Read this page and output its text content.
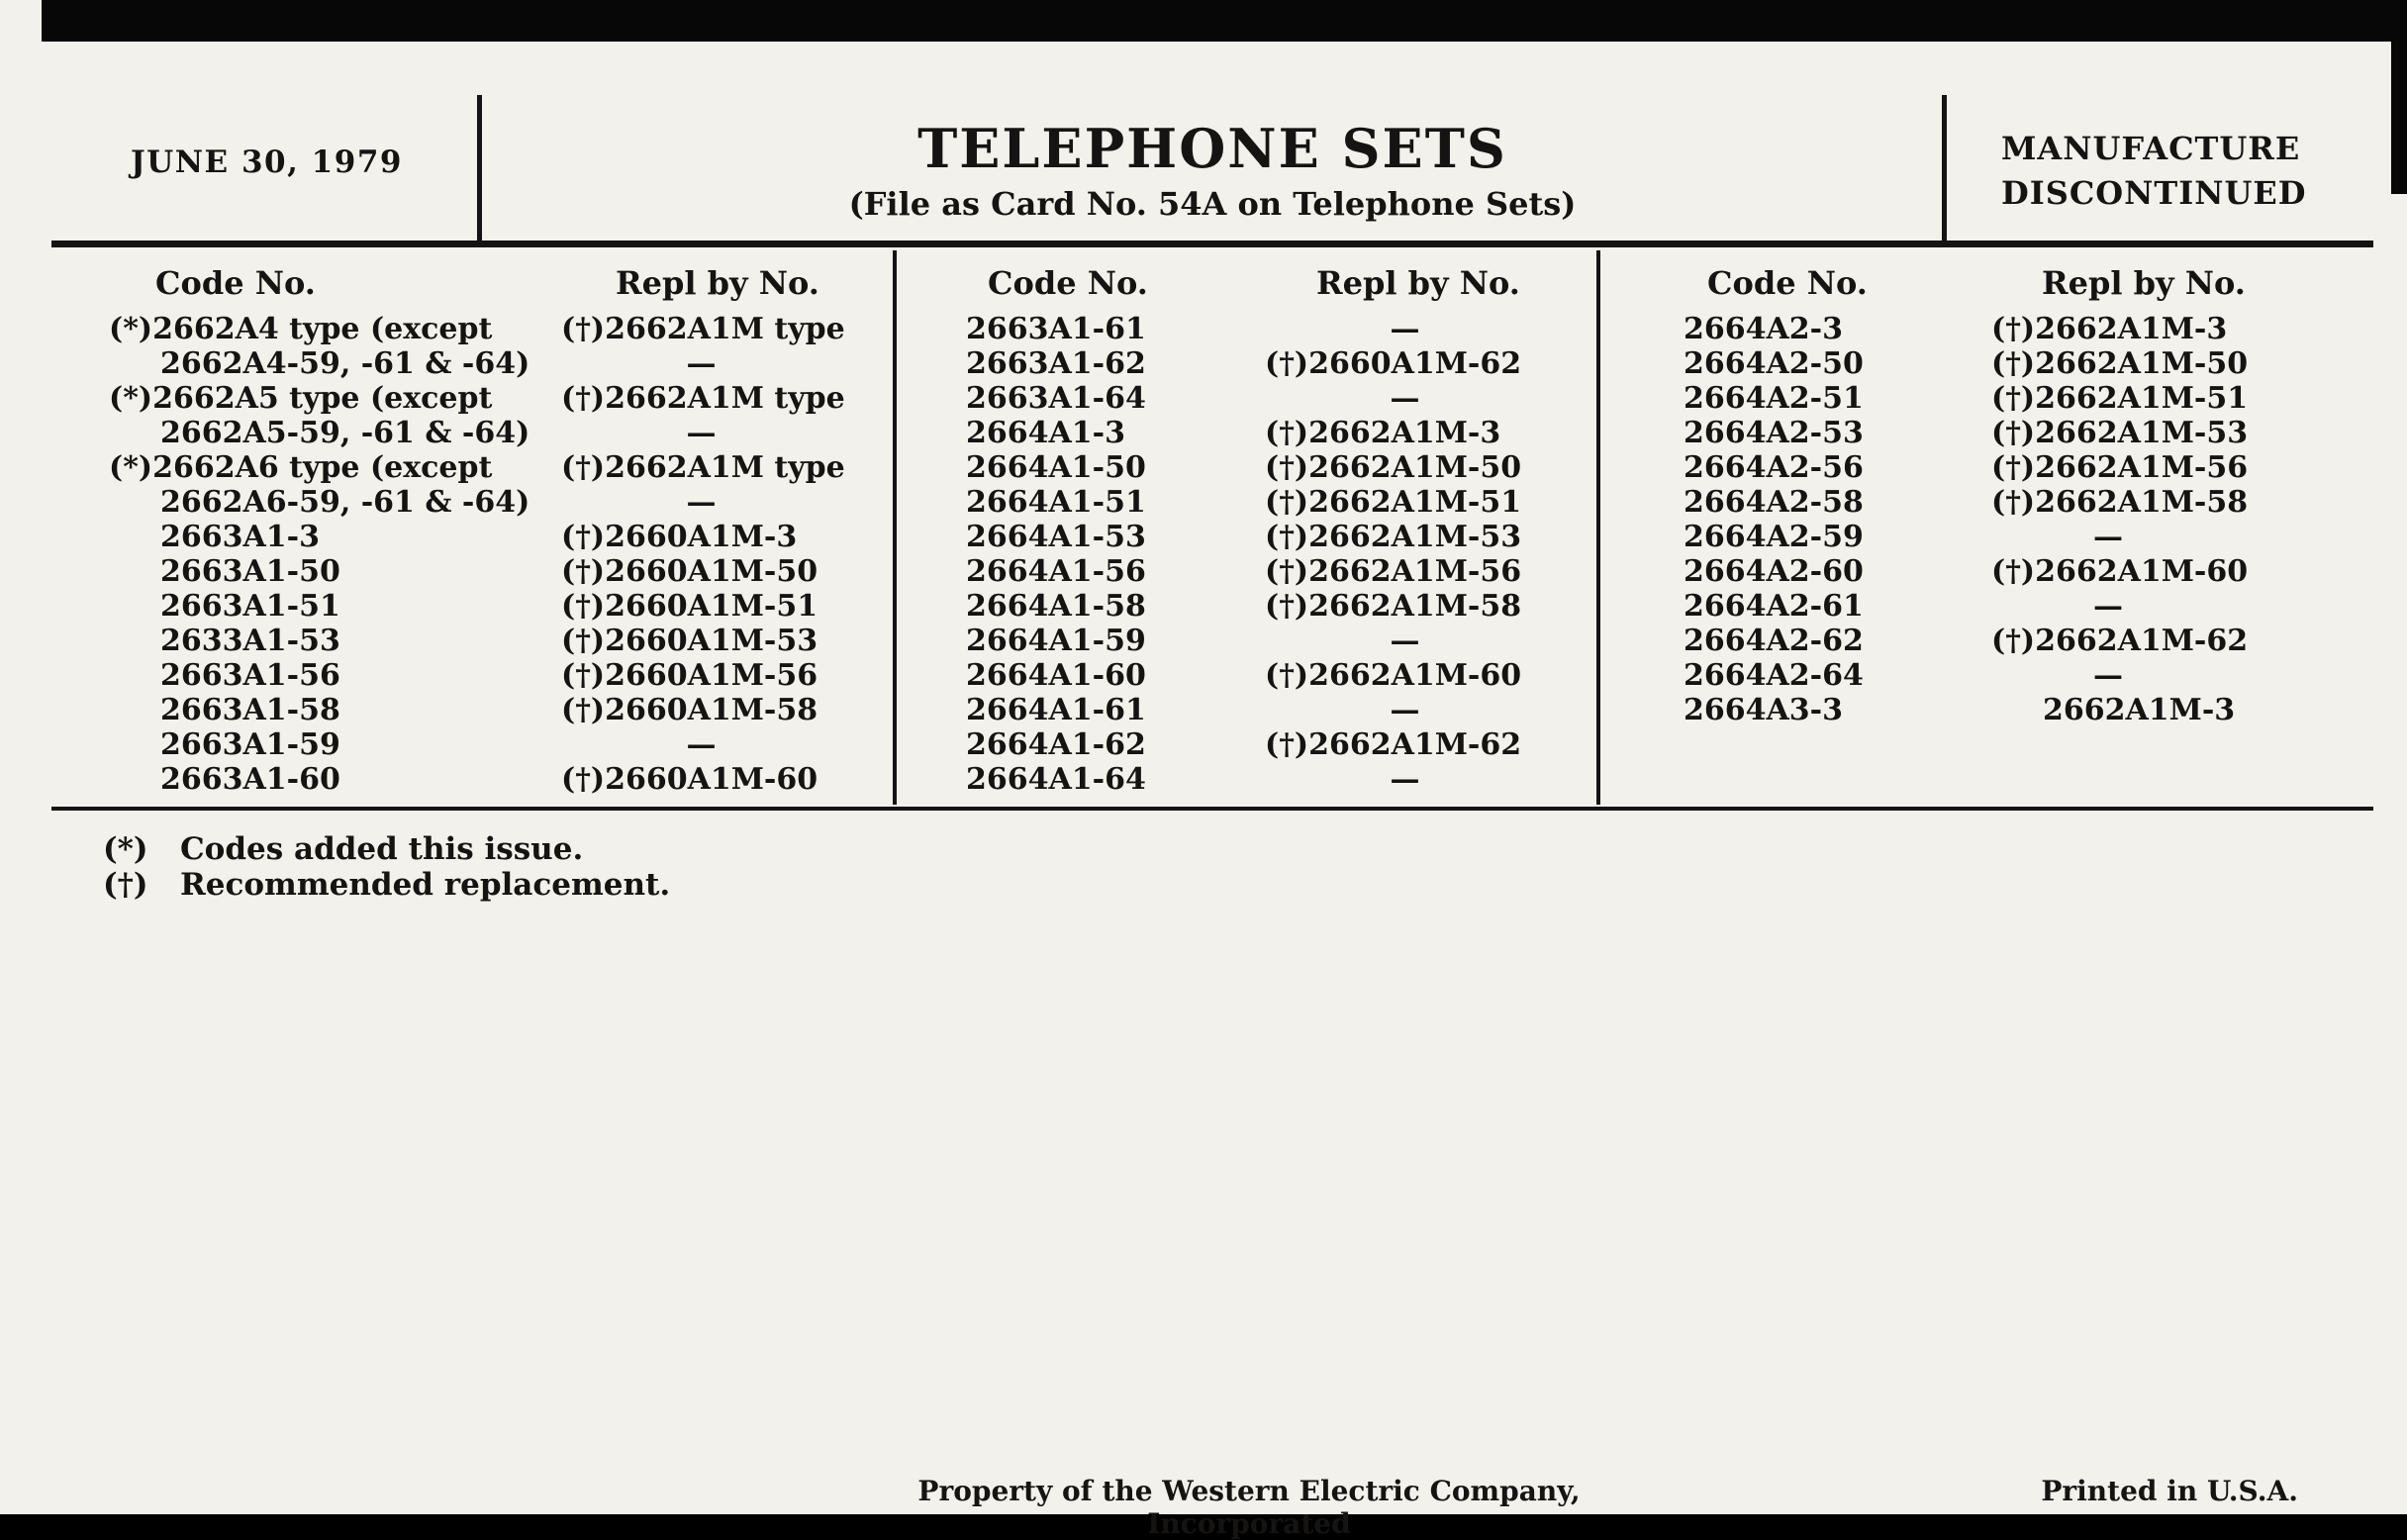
JUNE 30, 1979	TELEPHONE SETS
(File as Card No. 54A on Telephone Sets)
MANUFACTURE
DISCONTINUED
Code No.	Repl by No.
(*)2662A4 type (except	(†)2662A1M type
2662A4-59, -61 & -64)	—
(*)2662A5 type (except	(†)2662A1M type
2662A5-59, -61 & -64)	—
(*)2662A6 type (except	(†)2662A1M type
2662A6-59, -61 & -64)	—
2663A1-3	(†)2660A1M-3
2663A1-50	(†)2660A1M-50
2663A1-51	(†)2660A1M-51
2633A1-53	(†)2660A1M-53
2663A1-56	(†)2660A1M-56
2663A1-58	(†)2660A1M-58
2663A1-59	—
2663A1-60	(†)2660A1M-60
Code No.	Repl by No.
2663A1-61	—
2663A1-62	(†)2660A1M-62
2663A1-64	—
2664A1-3	(†)2662A1M-3
2664A1-50	(†)2662A1M-50
2664A1-51	(†)2662A1M-51
2664A1-53	(†)2662A1M-53
2664A1-56	(†)2662A1M-56
2664A1-58	(†)2662A1M-58
2664A1-59	—
2664A1-60	(†)2662A1M-60
2664A1-61	—
2664A1-62	(†)2662A1M-62
2664A1-64	—
Code No.	Repl by No.
2664A2-3	(†)2662A1M-3
2664A2-50	(†)2662A1M-50
2664A2-51	(†)2662A1M-51
2664A2-53	(†)2662A1M-53
2664A2-56	(†)2662A1M-56
2664A2-58	(†)2662A1M-58
2664A2-59	—
2664A2-60	(†)2662A1M-60
2664A2-61	—
2664A2-62	(†)2662A1M-62
2664A2-64	—
2664A3-3	2662A1M-3
(*) Codes added this issue.
(†) Recommended replacement.
Property of the Western Electric Company, Incorporated
Printed in U.S.A.
